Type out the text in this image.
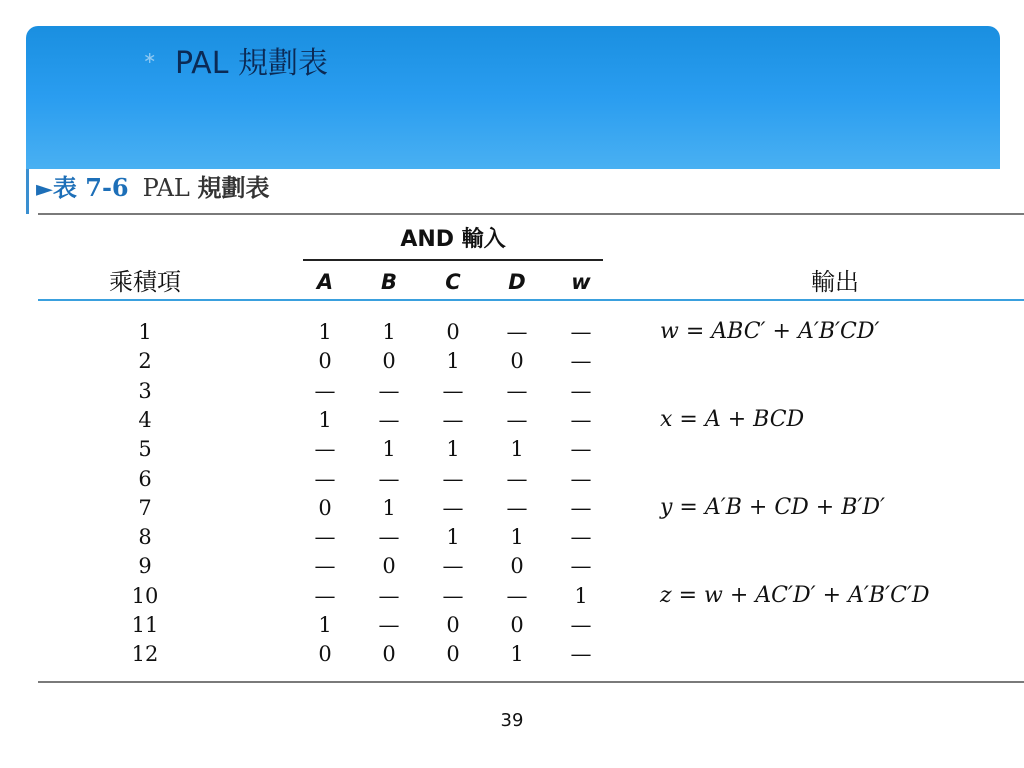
∗ PAL 規劃表
►表 7-6 PAL 規劃表
AND 輸入
乘積項	輸出
A	B	C	D	w
1	1	1	0	—	—	w = ABC′ + A′B′CD′
2	0	0	1	0	—
3	—	—	—	—	—
4	1	—	—	—	—	x = A + BCD
5	—	1	1	1	—
6	—	—	—	—	—
7	0	1	—	—	—	y = A′B + CD + B′D′
8	—	—	1	1	—
9	—	0	—	0	—
10	—	—	—	—	1	z = w + AC′D′ + A′B′C′D
11	1	—	0	0	—
12	0	0	0	1	—
39
